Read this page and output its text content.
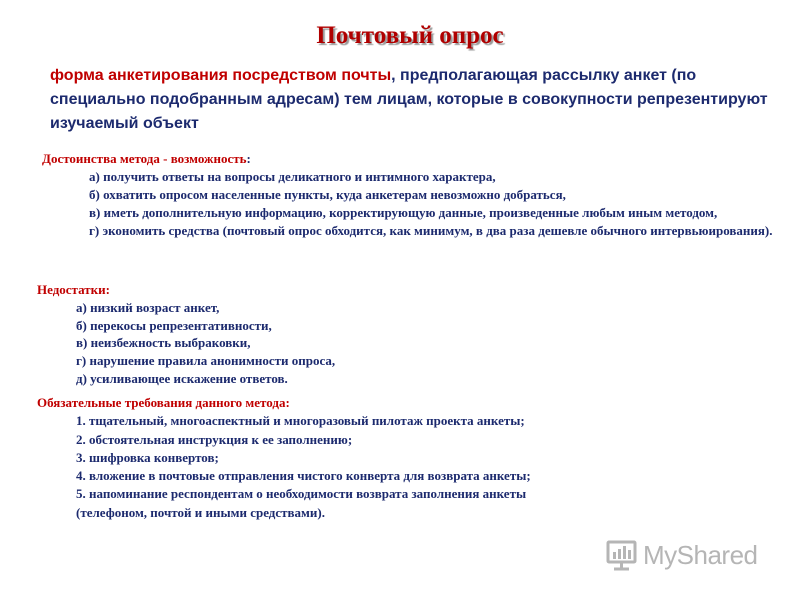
Почтовый опрос
форма анкетирования посредством почты, предполагающая рассылку анкет (по специально подобранным адресам) тем лицам, которые в совокупности репрезентируют изучаемый объект
Достоинства метода - возможность:
а) получить ответы на вопросы деликатного и интимного характера,
б) охватить опросом населенные пункты, куда анкетерам невозможно добраться,
в) иметь дополнительную информацию, корректирующую данные, произведенные любым иным методом,
г) экономить средства (почтовый опрос обходится, как минимум, в два раза дешевле обычного интервьюирования).
Недостатки:
а) низкий возраст анкет,
б) перекосы репрезентативности,
в) неизбежность выбраковки,
г) нарушение правила анонимности опроса,
д) усиливающее искажение ответов.
Обязательные требования данного метода:
1. тщательный, многоаспектный и многоразовый пилотаж проекта анкеты;
2. обстоятельная инструкция к ее заполнению;
3. шифровка конвертов;
4. вложение в почтовые отправления чистого конверта для возврата анкеты;
5. напоминание респондентам о необходимости возврата заполнения анкеты
(телефоном, почтой и иными средствами).
MyShared
